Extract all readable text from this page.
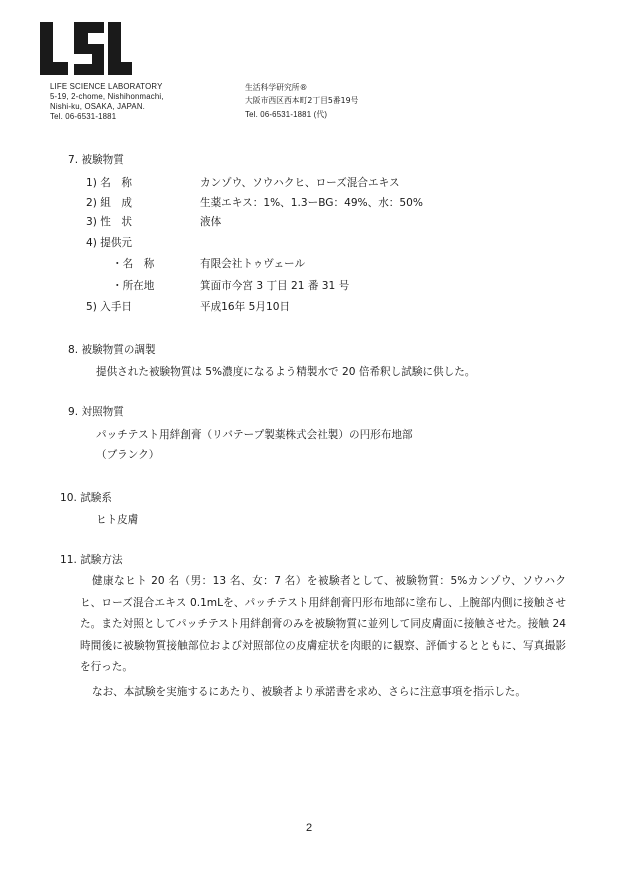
LIFE SCIENCE LABORATORY
5-19, 2-chome, Nishihonmachi,
Nishi-ku, OSAKA, JAPAN.
Tel. 06-6531-1881
生活科学研究所®
大阪市西区西本町2丁目5番19号
Tel. 06-6531-1881 (代)
7. 被験物質
1) 名　称	カンゾウ、ソウハクヒ、ローズ混合エキス
2) 組　成	生薬エキス：1%、1.3ーBG：49%、水：50%
3) 性　状	液体
4) 提供元
・名　称	有限会社トゥヴェール
・所在地	箕面市今宮 3 丁目 21 番 31 号
5) 入手日	平成16年 5月10日
8. 被験物質の調製
提供された被験物質は 5%濃度になるよう精製水で 20 倍希釈し試験に供した。
9. 対照物質
パッチテスト用絆創膏（リバテープ製薬株式会社製）の円形布地部
（ブランク）
10. 試験系
ヒト皮膚
11. 試験方法
健康なヒト 20 名（男：13 名、女：7 名）を被験者として、被験物質：5%カンゾウ、ソウハクヒ、ローズ混合エキス 0.1mLを、パッチテスト用絆創膏円形布地部に塗布し、上腕部内側に接触させた。また対照としてパッチテスト用絆創膏のみを被験物質に並列して同皮膚面に接触させた。接触 24 時間後に被験物質接触部位および対照部位の皮膚症状を肉眼的に観察、評価するとともに、写真撮影を行った。
なお、本試験を実施するにあたり、被験者より承諾書を求め、さらに注意事項を指示した。
2
